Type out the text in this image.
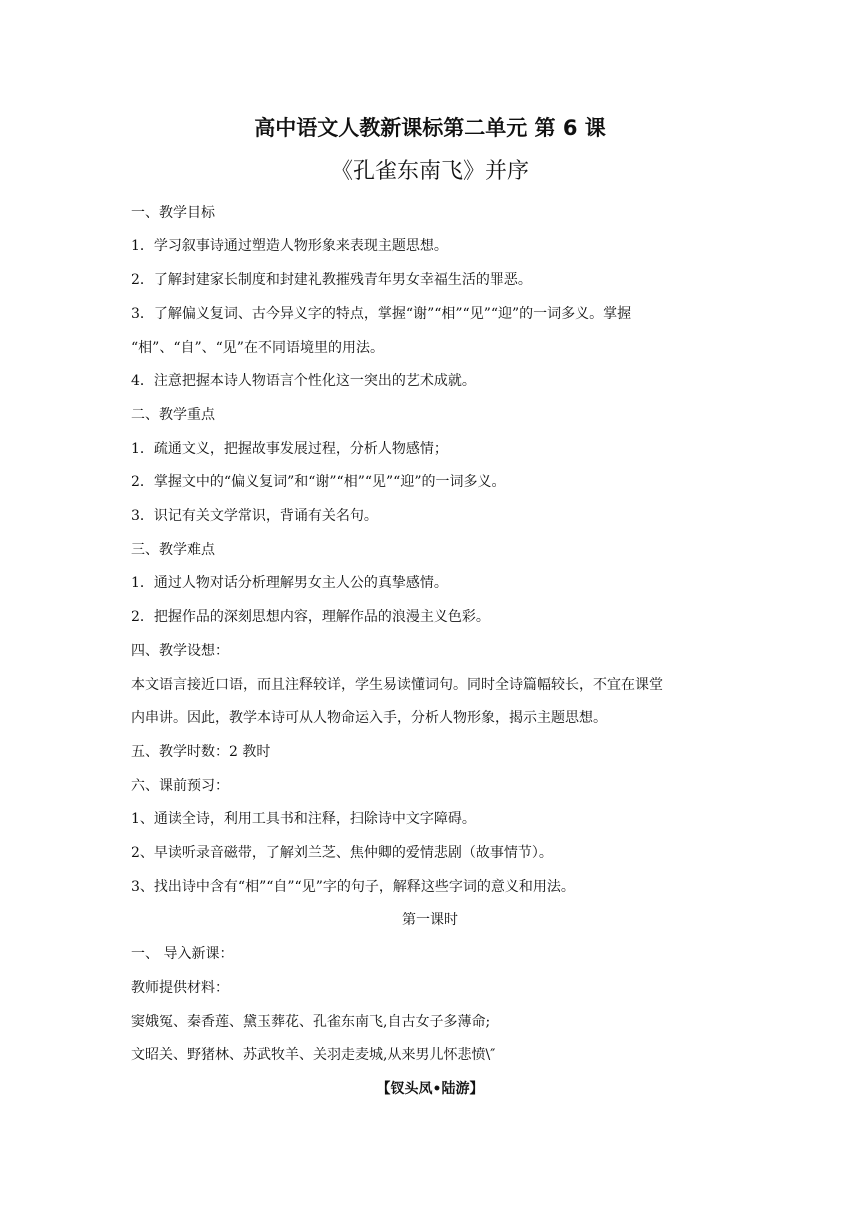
高中语文人教新课标第二单元 第 6 课
《孔雀东南飞》并序
一、教学目标
1．学习叙事诗通过塑造人物形象来表现主题思想。
2．了解封建家长制度和封建礼教摧残青年男女幸福生活的罪恶。
3．了解偏义复词、古今异义字的特点，掌握“谢”“相”“见”“迎”的一词多义。掌握
“相”、“自”、“见”在不同语境里的用法。
4．注意把握本诗人物语言个性化这一突出的艺术成就。
二、教学重点
1．疏通文义，把握故事发展过程，分析人物感情；
2．掌握文中的“偏义复词”和“谢”“相”“见”“迎”的一词多义。
3．识记有关文学常识，背诵有关名句。
三、教学难点
1．通过人物对话分析理解男女主人公的真挚感情。
2．把握作品的深刻思想内容，理解作品的浪漫主义色彩。
四、教学设想：
本文语言接近口语，而且注释较详，学生易读懂词句。同时全诗篇幅较长，不宜在课堂
内串讲。因此，教学本诗可从人物命运入手，分析人物形象，揭示主题思想。
五、教学时数：2 教时
六、课前预习：
1、通读全诗，利用工具书和注释，扫除诗中文字障碍。
2、早读听录音磁带，了解刘兰芝、焦仲卿的爱情悲剧（故事情节）。
3、找出诗中含有“相”“自”“见”字的句子，解释这些字词的意义和用法。
第一课时
一、 导入新课：
教师提供材料：
窦娥冤、秦香莲、黛玉葬花、孔雀东南飞,自古女子多薄命;
文昭关、野猪林、苏武牧羊、关羽走麦城,从来男儿怀悲愤\″
【钗头凤•陆游】
